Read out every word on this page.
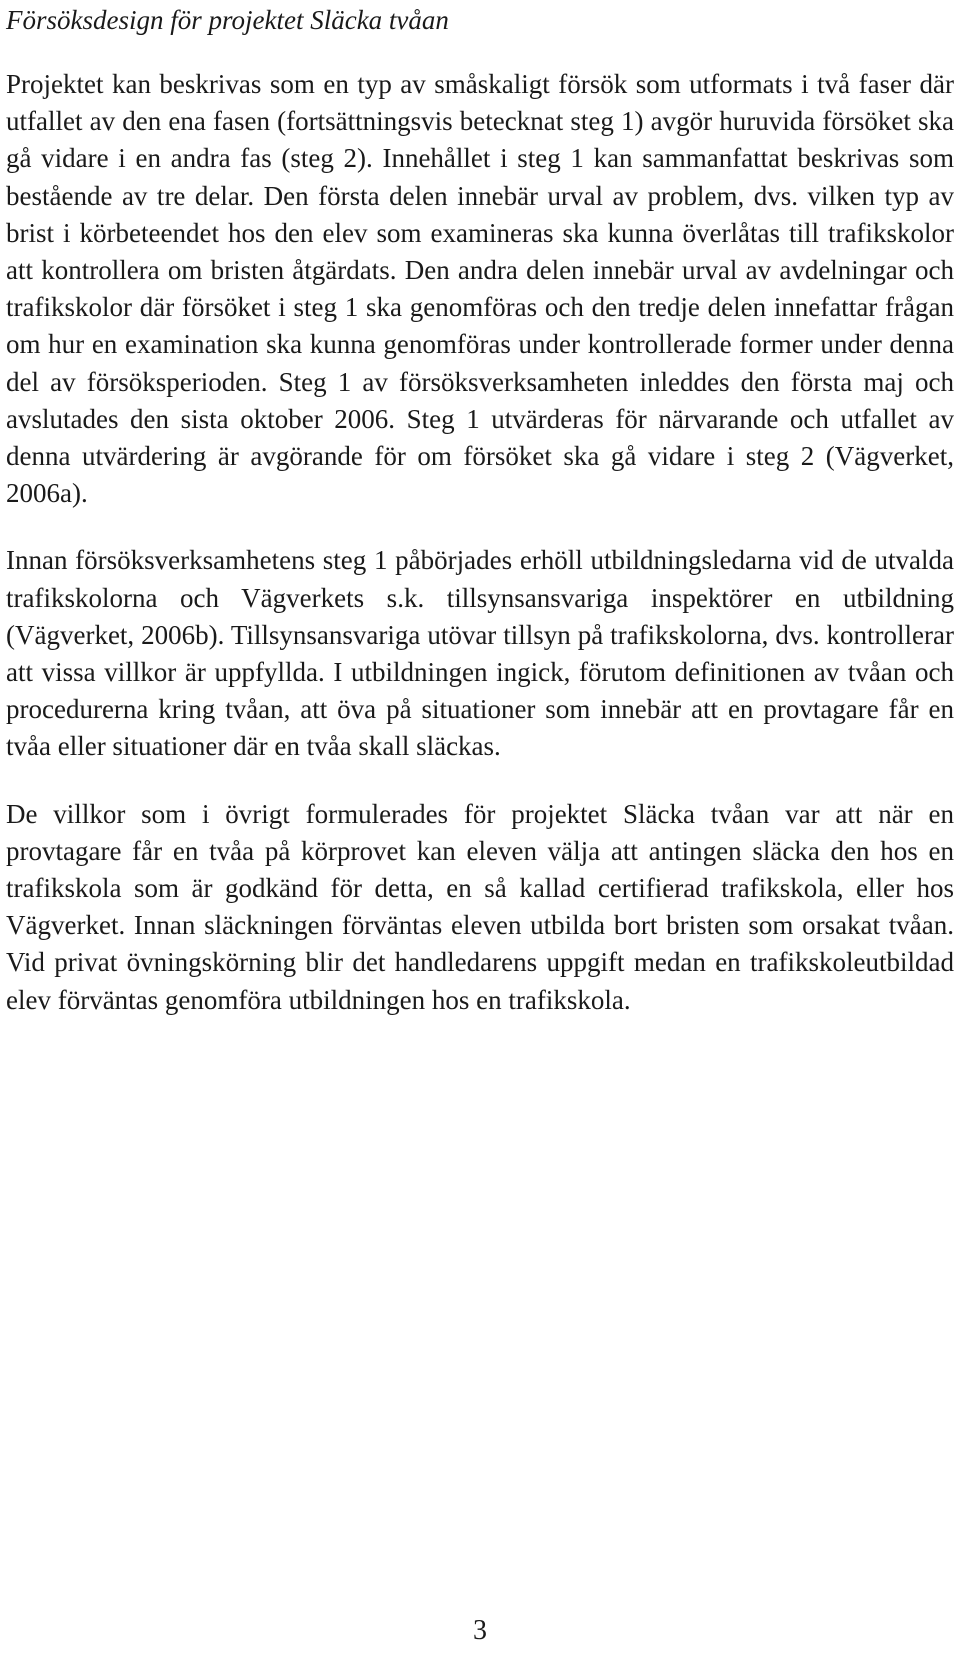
Försöksdesign för projektet Släcka tvåan

Projektet kan beskrivas som en typ av småskaligt försök som utformats i två faser där utfallet av den ena fasen (fortsättningsvis betecknat steg 1) avgör huruvida försöket ska gå vidare i en andra fas (steg 2). Innehållet i steg 1 kan sammanfattat beskrivas som bestående av tre delar. Den första delen innebär urval av problem, dvs. vilken typ av brist i körbeteendet hos den elev som examineras ska kunna överlåtas till trafikskolor att kontrollera om bristen åtgärdats. Den andra delen innebär urval av avdelningar och trafikskolor där försöket i steg 1 ska genomföras och den tredje delen innefattar frågan om hur en examination ska kunna genomföras under kontrollerade former under denna del av försöksperioden. Steg 1 av försöksverksamheten inleddes den första maj och avslutades den sista oktober 2006. Steg 1 utvärderas för närvarande och utfallet av denna utvärdering är avgörande för om försöket ska gå vidare i steg 2 (Vägverket, 2006a).

Innan försöksverksamhetens steg 1 påbörjades erhöll utbildningsledarna vid de utvalda trafikskolorna och Vägverkets s.k. tillsynsansvariga inspektörer en utbildning (Vägverket, 2006b). Tillsynsansvariga utövar tillsyn på trafikskolorna, dvs. kontrollerar att vissa villkor är uppfyllda. I utbildningen ingick, förutom definitionen av tvåan och procedurerna kring tvåan, att öva på situationer som innebär att en provtagare får en tvåa eller situationer där en tvåa skall släckas.

De villkor som i övrigt formulerades för projektet Släcka tvåan var att när en provtagare får en tvåa på körprovet kan eleven välja att antingen släcka den hos en trafikskola som är godkänd för detta, en så kallad certifierad trafikskola, eller hos Vägverket. Innan släckningen förväntas eleven utbilda bort bristen som orsakat tvåan. Vid privat övningskörning blir det handledarens uppgift medan en trafikskoleutbildad elev förväntas genomföra utbildningen hos en trafikskola.

3
